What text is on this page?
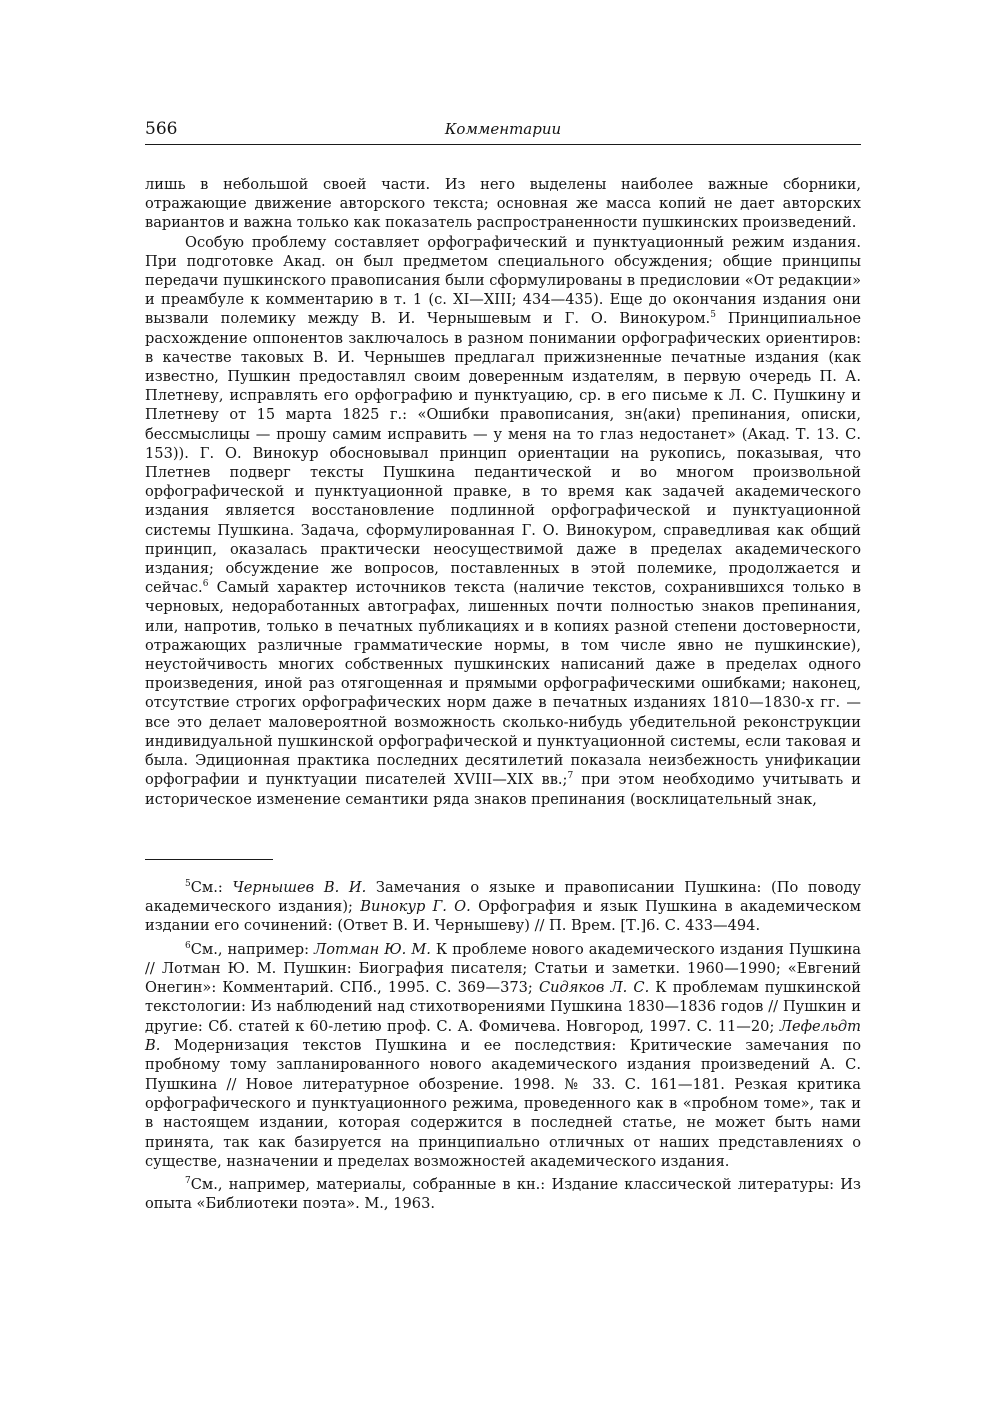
566	Комментарии

лишь в небольшой своей части. Из него выделены наиболее важные сборники, отражающие движение авторского текста; основная же масса копий не дает авторских вариантов и важна только как показатель распространенности пушкинских произведений.

Особую проблему составляет орфографический и пунктуационный режим издания. При подготовке Акад. он был предметом специального обсуждения; общие принципы передачи пушкинского правописания были сформулированы в предисловии «От редакции» и преамбуле к комментарию в т. 1 (с. XI—XIII; 434—435). Еще до окончания издания они вызвали полемику между В. И. Чернышевым и Г. О. Винокуром.$^5$ Принципиальное расхождение оппонентов заключалось в разном понимании орфографических ориентиров: в качестве таковых В. И. Чернышев предлагал прижизненные печатные издания (как известно, Пушкин предоставлял своим доверенным издателям, в первую очередь П. А. Плетневу, исправлять его орфографию и пунктуацию, ср. в его письме к Л. С. Пушкину и Плетневу от 15 марта 1825 г.: «Ошибки правописания, зн⟨аки⟩ препинания, описки, бессмыслицы — прошу самим исправить — у меня на то глаз недостанет» (Акад. Т. 13. С. 153)). Г. О. Винокур обосновывал принцип ориентации на рукопись, показывая, что Плетнев подверг тексты Пушкина педантической и во многом произвольной орфографической и пунктуационной правке, в то время как задачей академического издания является восстановление подлинной орфографической и пунктуационной системы Пушкина. Задача, сформулированная Г. О. Винокуром, справедливая как общий принцип, оказалась практически неосуществимой даже в пределах академического издания; обсуждение же вопросов, поставленных в этой полемике, продолжается и сейчас.$^6$ Самый характер источников текста (наличие текстов, сохранившихся только в черновых, недоработанных автографах, лишенных почти полностью знаков препинания, или, напротив, только в печатных публикациях и в копиях разной степени достоверности, отражающих различные грамматические нормы, в том числе явно не пушкинские), неустойчивость многих собственных пушкинских написаний даже в пределах одного произведения, иной раз отягощенная и прямыми орфографическими ошибками; наконец, отсутствие строгих орфографических норм даже в печатных изданиях 1810—1830-х гг. — все это делает маловероятной возможность сколько-нибудь убедительной реконструкции индивидуальной пушкинской орфографической и пунктуационной системы, если таковая и была. Эдиционная практика последних десятилетий показала неизбежность унификации орфографии и пунктуации писателей XVIII—XIX вв.;$^7$ при этом необходимо учитывать и историческое изменение семантики ряда знаков препинания (восклицательный знак,

$^5$См.: Чернышев В. И. Замечания о языке и правописании Пушкина: (По поводу академического издания); Винокур Г. О. Орфография и язык Пушкина в академическом издании его сочинений: (Ответ В. И. Чернышеву) // П. Врем. [Т.]6. С. 433—494.

$^6$См., например: Лотман Ю. М. К проблеме нового академического издания Пушкина // Лотман Ю. М. Пушкин: Биография писателя; Статьи и заметки. 1960—1990; «Евгений Онегин»: Комментарий. СПб., 1995. С. 369—373; Сидяков Л. С. К проблемам пушкинской текстологии: Из наблюдений над стихотворениями Пушкина 1830—1836 годов // Пушкин и другие: Сб. статей к 60-летию проф. С. А. Фомичева. Новгород, 1997. С. 11—20; Лефельдт В. Модернизация текстов Пушкина и ее последствия: Критические замечания по пробному тому запланированного нового академического издания произведений А. С. Пушкина // Новое литературное обозрение. 1998. № 33. С. 161—181. Резкая критика орфографического и пунктуационного режима, проведенного как в «пробном томе», так и в настоящем издании, которая содержится в последней статье, не может быть нами принята, так как базируется на принципиально отличных от наших представлениях о существе, назначении и пределах возможностей академического издания.

$^7$См., например, материалы, собранные в кн.: Издание классической литературы: Из опыта «Библиотеки поэта». М., 1963.
